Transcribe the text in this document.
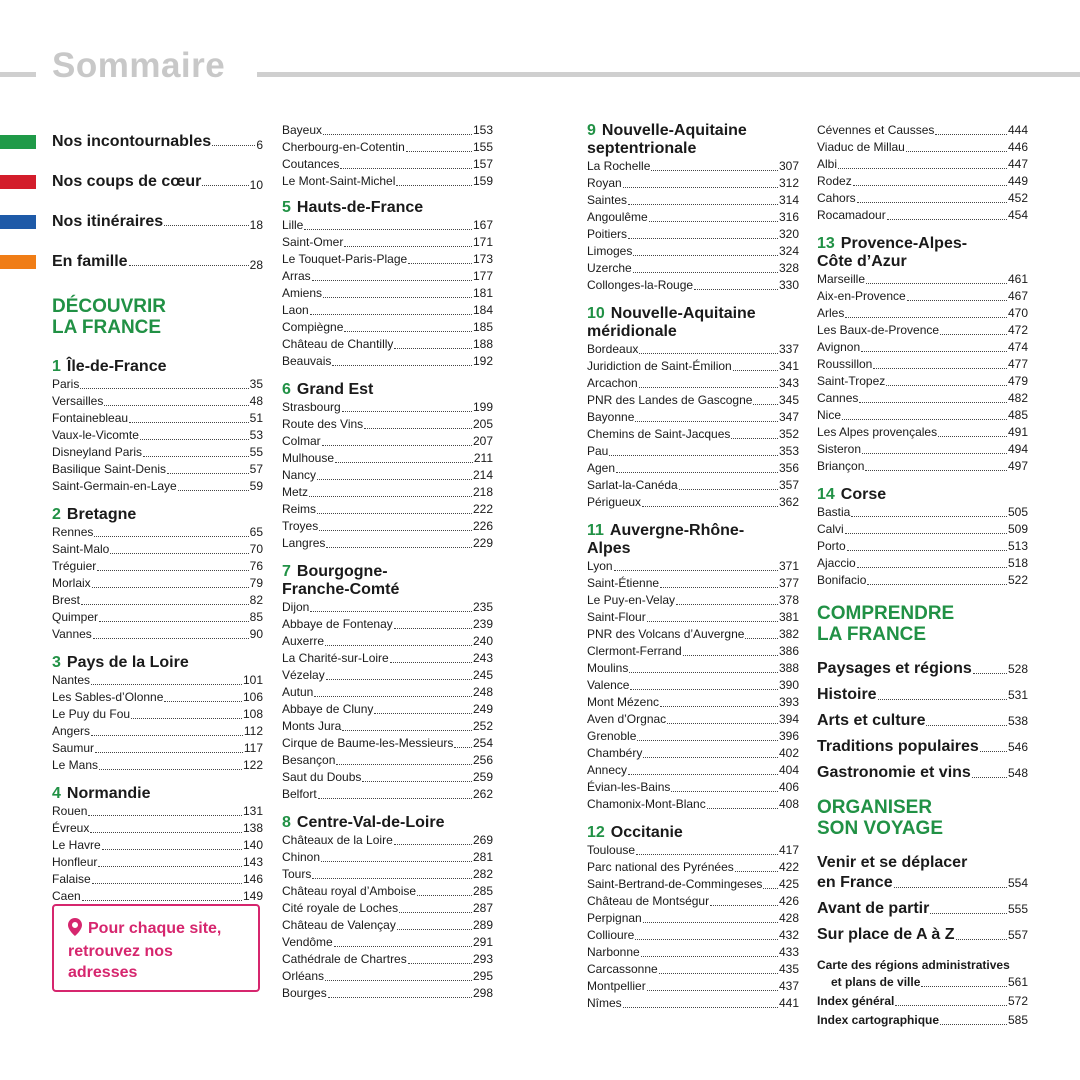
Sommaire
Nos incontournables	6
Nos coups de cœur	10
Nos itinéraires	18
En famille	28
DÉCOUVRIR
LA FRANCE
1 Île-de-France
Paris	35
Versailles	48
Fontainebleau	51
Vaux-le-Vicomte	53
Disneyland Paris	55
Basilique Saint-Denis	57
Saint-Germain-en-Laye	59
2 Bretagne
Rennes	65
Saint-Malo	70
Tréguier	76
Morlaix	79
Brest	82
Quimper	85
Vannes	90
3 Pays de la Loire
Nantes	101
Les Sables-d’Olonne	106
Le Puy du Fou	108
Angers	112
Saumur	117
Le Mans	122
4 Normandie
Rouen	131
Évreux	138
Le Havre	140
Honfleur	143
Falaise	146
Caen	149
Pour chaque site, retrouvez nos adresses
Bayeux	153
Cherbourg-en-Cotentin	155
Coutances	157
Le Mont-Saint-Michel	159
5 Hauts-de-France
Lille	167
Saint-Omer	171
Le Touquet-Paris-Plage	173
Arras	177
Amiens	181
Laon	184
Compiègne	185
Château de Chantilly	188
Beauvais	192
6 Grand Est
Strasbourg	199
Route des Vins	205
Colmar	207
Mulhouse	211
Nancy	214
Metz	218
Reims	222
Troyes	226
Langres	229
7 Bourgogne-
Franche-Comté
Dijon	235
Abbaye de Fontenay	239
Auxerre	240
La Charité-sur-Loire	243
Vézelay	245
Autun	248
Abbaye de Cluny	249
Monts Jura	252
Cirque de Baume-les-Messieurs 254
Besançon	256
Saut du Doubs	259
Belfort	262
8 Centre-Val-de-Loire
Châteaux de la Loire	269
Chinon	281
Tours	282
Château royal d’Amboise	285
Cité royale de Loches	287
Château de Valençay	289
Vendôme	291
Cathédrale de Chartres	293
Orléans	295
Bourges	298
9 Nouvelle-Aquitaine
septentrionale
La Rochelle	307
Royan	312
Saintes	314
Angoulême	316
Poitiers	320
Limoges	324
Uzerche	328
Collonges-la-Rouge	330
10 Nouvelle-Aquitaine
méridionale
Bordeaux	337
Juridiction de Saint-Émilion	341
Arcachon	343
PNR des Landes de Gascogne 345
Bayonne	347
Chemins de Saint-Jacques	352
Pau	353
Agen	356
Sarlat-la-Canéda	357
Périgueux	362
11 Auvergne-Rhône-
Alpes
Lyon	371
Saint-Étienne	377
Le Puy-en-Velay	378
Saint-Flour	381
PNR des Volcans d’Auvergne	382
Clermont-Ferrand	386
Moulins	388
Valence	390
Mont Mézenc	393
Aven d’Orgnac	394
Grenoble	396
Chambéry	402
Annecy	404
Évian-les-Bains	406
Chamonix-Mont-Blanc	408
12 Occitanie
Toulouse	417
Parc national des Pyrénées	422
Saint-Bertrand-de-Commingeses 425
Château de Montségur	426
Perpignan	428
Collioure	432
Narbonne	433
Carcassonne	435
Montpellier	437
Nîmes	441
Cévennes et Causses	444
Viaduc de Millau	446
Albi	447
Rodez	449
Cahors	452
Rocamadour	454
13 Provence-Alpes-
Côte d’Azur
Marseille	461
Aix-en-Provence	467
Arles	470
Les Baux-de-Provence	472
Avignon	474
Roussillon	477
Saint-Tropez	479
Cannes	482
Nice	485
Les Alpes provençales	491
Sisteron	494
Briançon	497
14 Corse
Bastia	505
Calvi	509
Porto	513
Ajaccio	518
Bonifacio	522
COMPRENDRE
LA FRANCE
Paysages et régions	528
Histoire	531
Arts et culture	538
Traditions populaires 546
Gastronomie et vins	548
ORGANISER
SON VOYAGE
Venir et se déplacer
en France	554
Avant de partir	555
Sur place de A à Z	557
Carte des régions administratives
et plans de ville	561
Index général	572
Index cartographique	585
